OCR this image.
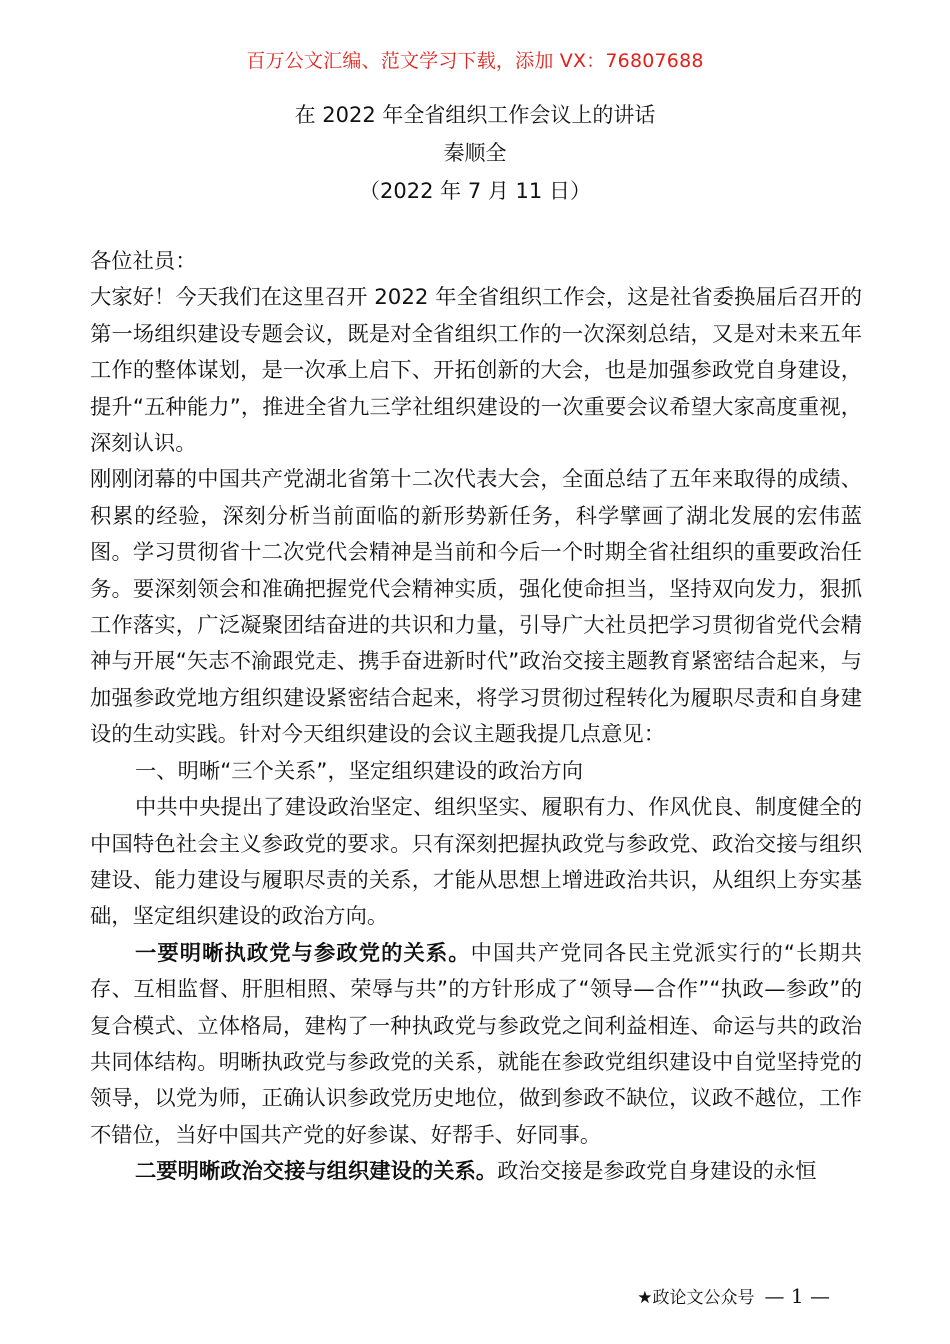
百万公文汇编、范文学习下载，添加 VX：76807688
在 2022 年全省组织工作会议上的讲话
秦顺全
（2022 年 7 月 11 日）

各位社员：

大家好！今天我们在这里召开 2022 年全省组织工作会，这是社省委换届后召开的第一场组织建设专题会议，既是对全省组织工作的一次深刻总结，又是对未来五年工作的整体谋划，是一次承上启下、开拓创新的大会，也是加强参政党自身建设，提升“五种能力”，推进全省九三学社组织建设的一次重要会议希望大家高度重视，深刻认识。

刚刚闭幕的中国共产党湖北省第十二次代表大会，全面总结了五年来取得的成绩、积累的经验，深刻分析当前面临的新形势新任务，科学擘画了湖北发展的宏伟蓝图。学习贯彻省十二次党代会精神是当前和今后一个时期全省社组织的重要政治任务。要深刻领会和准确把握党代会精神实质，强化使命担当，坚持双向发力，狠抓工作落实，广泛凝聚团结奋进的共识和力量，引导广大社员把学习贯彻省党代会精神与开展“矢志不渝跟党走、携手奋进新时代”政治交接主题教育紧密结合起来，与加强参政党地方组织建设紧密结合起来，将学习贯彻过程转化为履职尽责和自身建设的生动实践。针对今天组织建设的会议主题我提几点意见：

一、明晰“三个关系”，坚定组织建设的政治方向

中共中央提出了建设政治坚定、组织坚实、履职有力、作风优良、制度健全的中国特色社会主义参政党的要求。只有深刻把握执政党与参政党、政治交接与组织建设、能力建设与履职尽责的关系，才能从思想上增进政治共识，从组织上夯实基础，坚定组织建设的政治方向。

一要明晰执政党与参政党的关系。中国共产党同各民主党派实行的“长期共存、互相监督、肝胆相照、荣辱与共”的方针形成了“领导—合作”“执政—参政”的复合模式、立体格局，建构了一种执政党与参政党之间利益相连、命运与共的政治共同体结构。明晰执政党与参政党的关系，就能在参政党组织建设中自觉坚持党的领导，以党为师，正确认识参政党历史地位，做到参政不缺位，议政不越位，工作不错位，当好中国共产党的好参谋、好帮手、好同事。

二要明晰政治交接与组织建设的关系。政治交接是参政党自身建设的永恒

★政论文公众号 — 1 —
